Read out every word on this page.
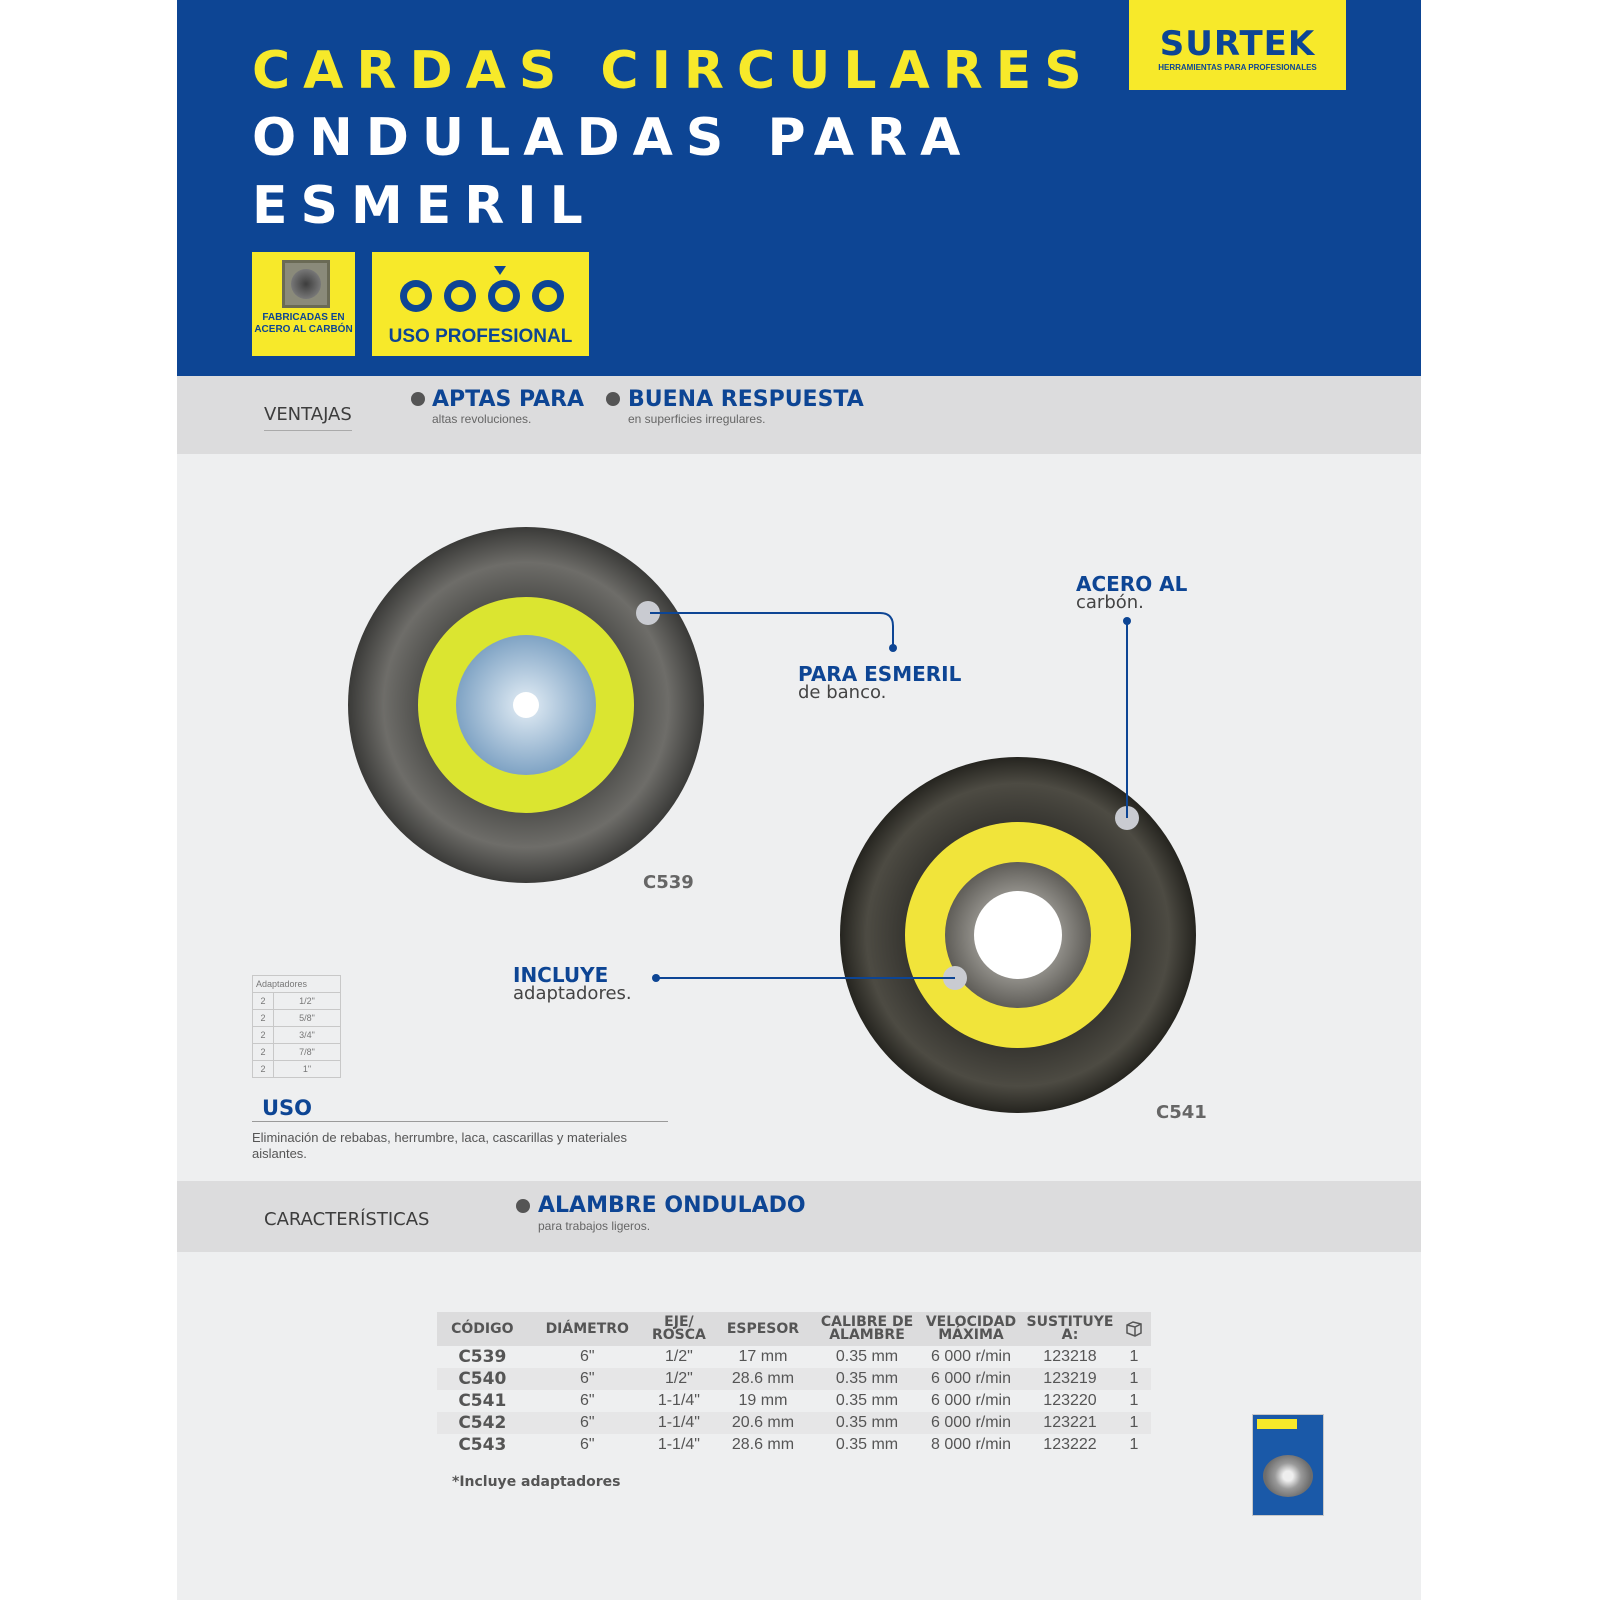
CARDAS CIRCULARES
ONDULADAS PARA
ESMERIL
SURTEK
HERRAMIENTAS PARA PROFESIONALES
FABRICADAS EN ACERO AL CARBÓN	USO PROFESIONAL
VENTAJAS
APTAS PARA
altas revoluciones.
BUENA RESPUESTA
en superficies irregulares.
PARA ESMERIL
de banco.
ACERO AL
carbón.
INCLUYE
adaptadores.
C539
C541
Adaptadores	
2	1/2"
2	5/8"
2	3/4"
2	7/8"
2	1"
USO
Eliminación de rebabas, herrumbre, laca, cascarillas y materiales aislantes.
CARACTERÍSTICAS
ALAMBRE ONDULADO
para trabajos ligeros.
CÓDIGO	DIÁMETRO	EJE/ ROSCA	ESPESOR	CALIBRE DE ALAMBRE	VELOCIDAD MÁXIMA	SUSTITUYE A:	
C539	6"	1/2"	17 mm	0.35 mm	6 000 r/min	123218	1
C540	6"	1/2"	28.6 mm	0.35 mm	6 000 r/min	123219	1
C541	6"	1-1/4"	19 mm	0.35 mm	6 000 r/min	123220	1
C542	6"	1-1/4"	20.6 mm	0.35 mm	6 000 r/min	123221	1
C543	6"	1-1/4"	28.6 mm	0.35 mm	8 000 r/min	123222	1
*Incluye adaptadores
